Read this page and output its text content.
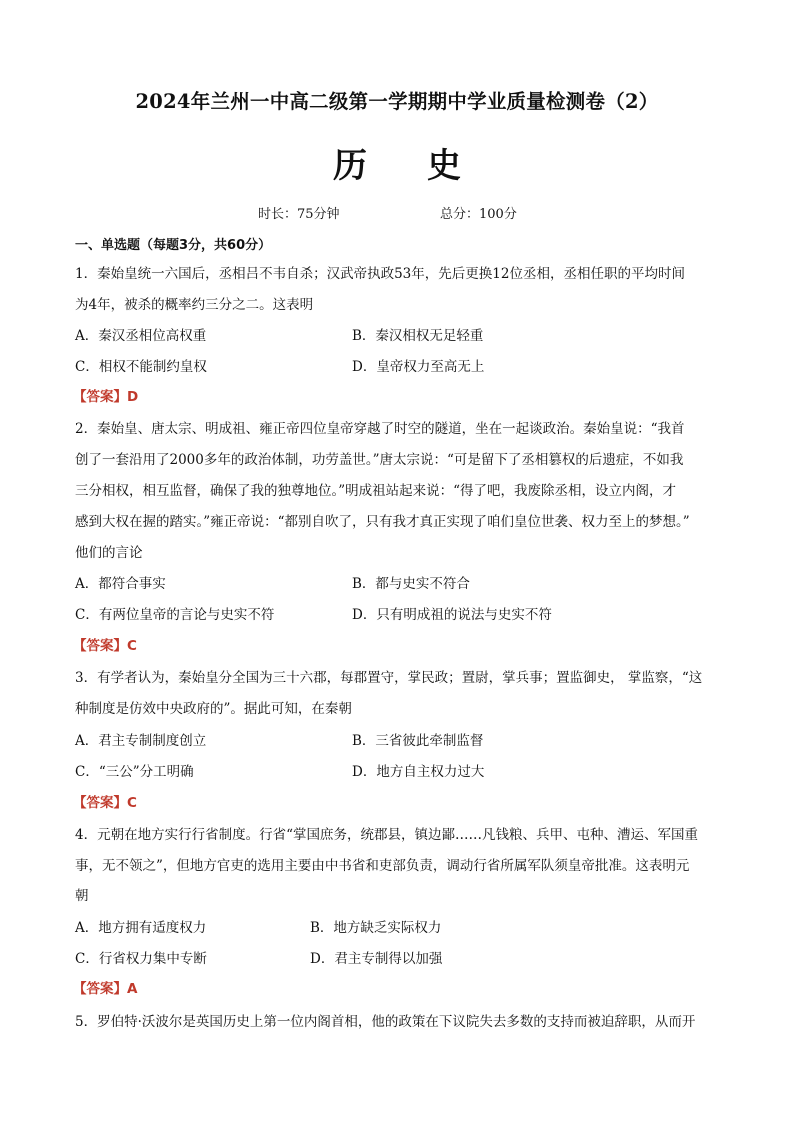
2024年兰州一中高二级第一学期期中学业质量检测卷（2）
历史
时长：75分钟	总分：100分
一、单选题（每题3分，共60分）
1．秦始皇统一六国后，丞相吕不韦自杀；汉武帝执政53年，先后更换12位丞相，丞相任职的平均时间
为4年，被杀的概率约三分之二。这表明
A．秦汉丞相位高权重	B．秦汉相权无足轻重
C．相权不能制约皇权	D．皇帝权力至高无上
【答案】D
2．秦始皇、唐太宗、明成祖、雍正帝四位皇帝穿越了时空的隧道，坐在一起谈政治。秦始皇说：“我首
创了一套沿用了2000多年的政治体制，功劳盖世。”唐太宗说：“可是留下了丞相篡权的后遗症，不如我
三分相权，相互监督，确保了我的独尊地位。”明成祖站起来说：“得了吧，我废除丞相，设立内阁，才
感到大权在握的踏实。”雍正帝说：“都别自吹了，只有我才真正实现了咱们皇位世袭、权力至上的梦想。”
他们的言论
A．都符合事实	B．都与史实不符合
C．有两位皇帝的言论与史实不符	D．只有明成祖的说法与史实不符
【答案】C
3．有学者认为，秦始皇分全国为三十六郡，每郡置守，掌民政；置尉，掌兵事；置监御史， 掌监察，“这
种制度是仿效中央政府的”。据此可知，在秦朝
A．君主专制制度创立	B．三省彼此牵制监督
C．“三公”分工明确	D．地方自主权力过大
【答案】C
4．元朝在地方实行行省制度。行省“掌国庶务，统郡县，镇边鄙……凡钱粮、兵甲、屯种、漕运、军国重
事，无不领之”，但地方官吏的选用主要由中书省和吏部负责，调动行省所属军队须皇帝批准。这表明元
朝
A．地方拥有适度权力	B．地方缺乏实际权力
C．行省权力集中专断	D．君主专制得以加强
【答案】A
5．罗伯特·沃波尔是英国历史上第一位内阁首相，他的政策在下议院失去多数的支持而被迫辞职，从而开
